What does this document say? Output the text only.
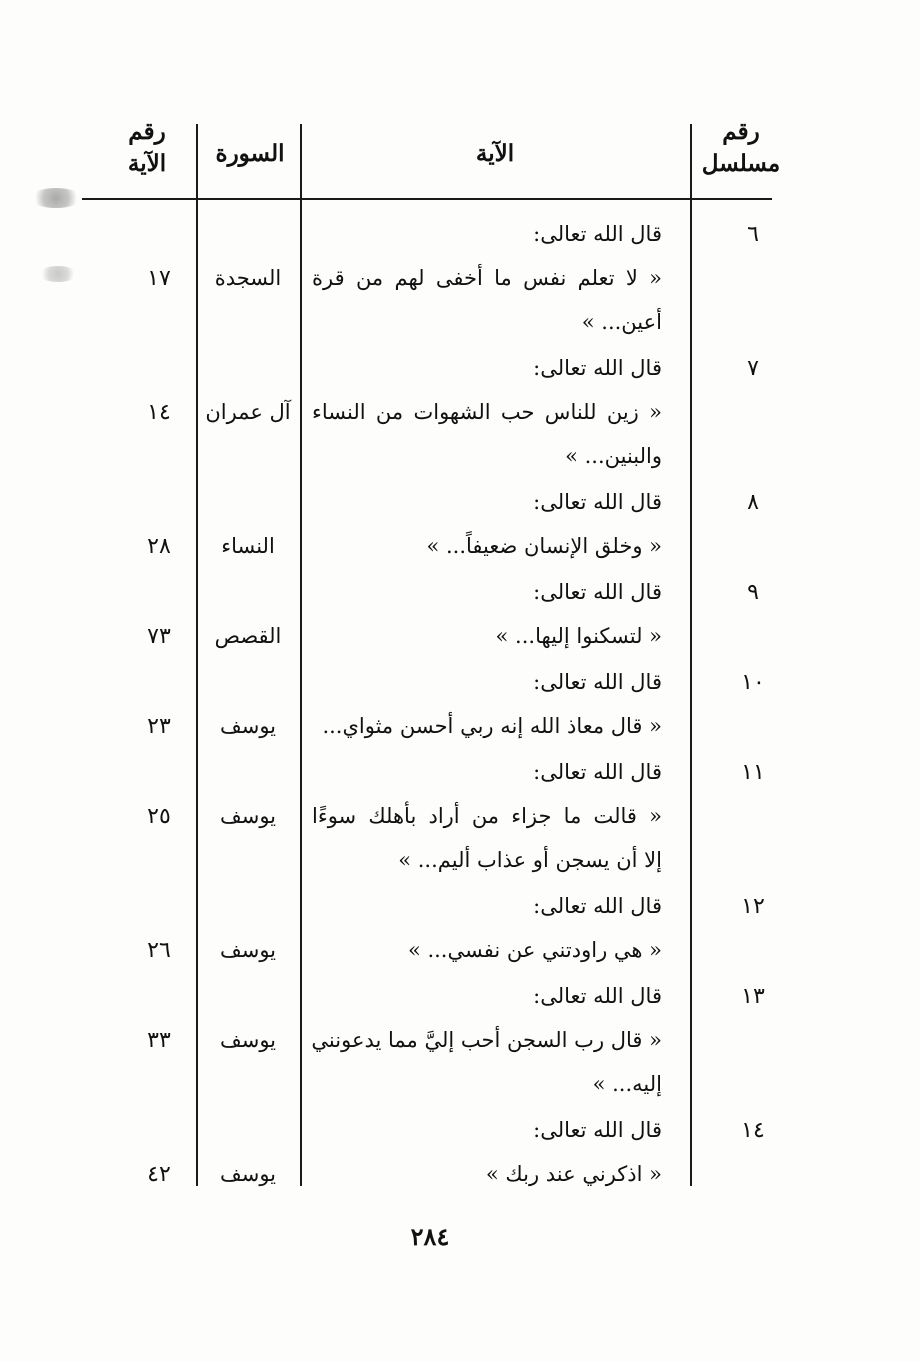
رقم الآية	السورة	الآية
رقم مسلسل
٦
قال الله تعالى:
« لا تعلم نفس ما أخفى لهم من قرة
أعين... »
السجدة
١٧
٧
قال الله تعالى:
« زين للناس حب الشهوات من النساء
والبنين... »
آل عمران
١٤
٨
قال الله تعالى:
« وخلق الإنسان ضعيفاً... »
النساء
٢٨
٩
قال الله تعالى:
« لتسكنوا إليها... »
القصص
٧٣
١٠
قال الله تعالى:
« قال معاذ الله إنه ربي أحسن مثواي...
يوسف
٢٣
١١
قال الله تعالى:
« قالت ما جزاء من أراد بأهلك سوءًا
إلا أن يسجن أو عذاب أليم... »
يوسف
٢٥
١٢
قال الله تعالى:
« هي راودتني عن نفسي... »
يوسف
٢٦
١٣
قال الله تعالى:
« قال رب السجن أحب إليَّ مما يدعونني
إليه... »
يوسف
٣٣
١٤
قال الله تعالى:
« اذكرني عند ربك »
يوسف
٤٢
٢٨٤
